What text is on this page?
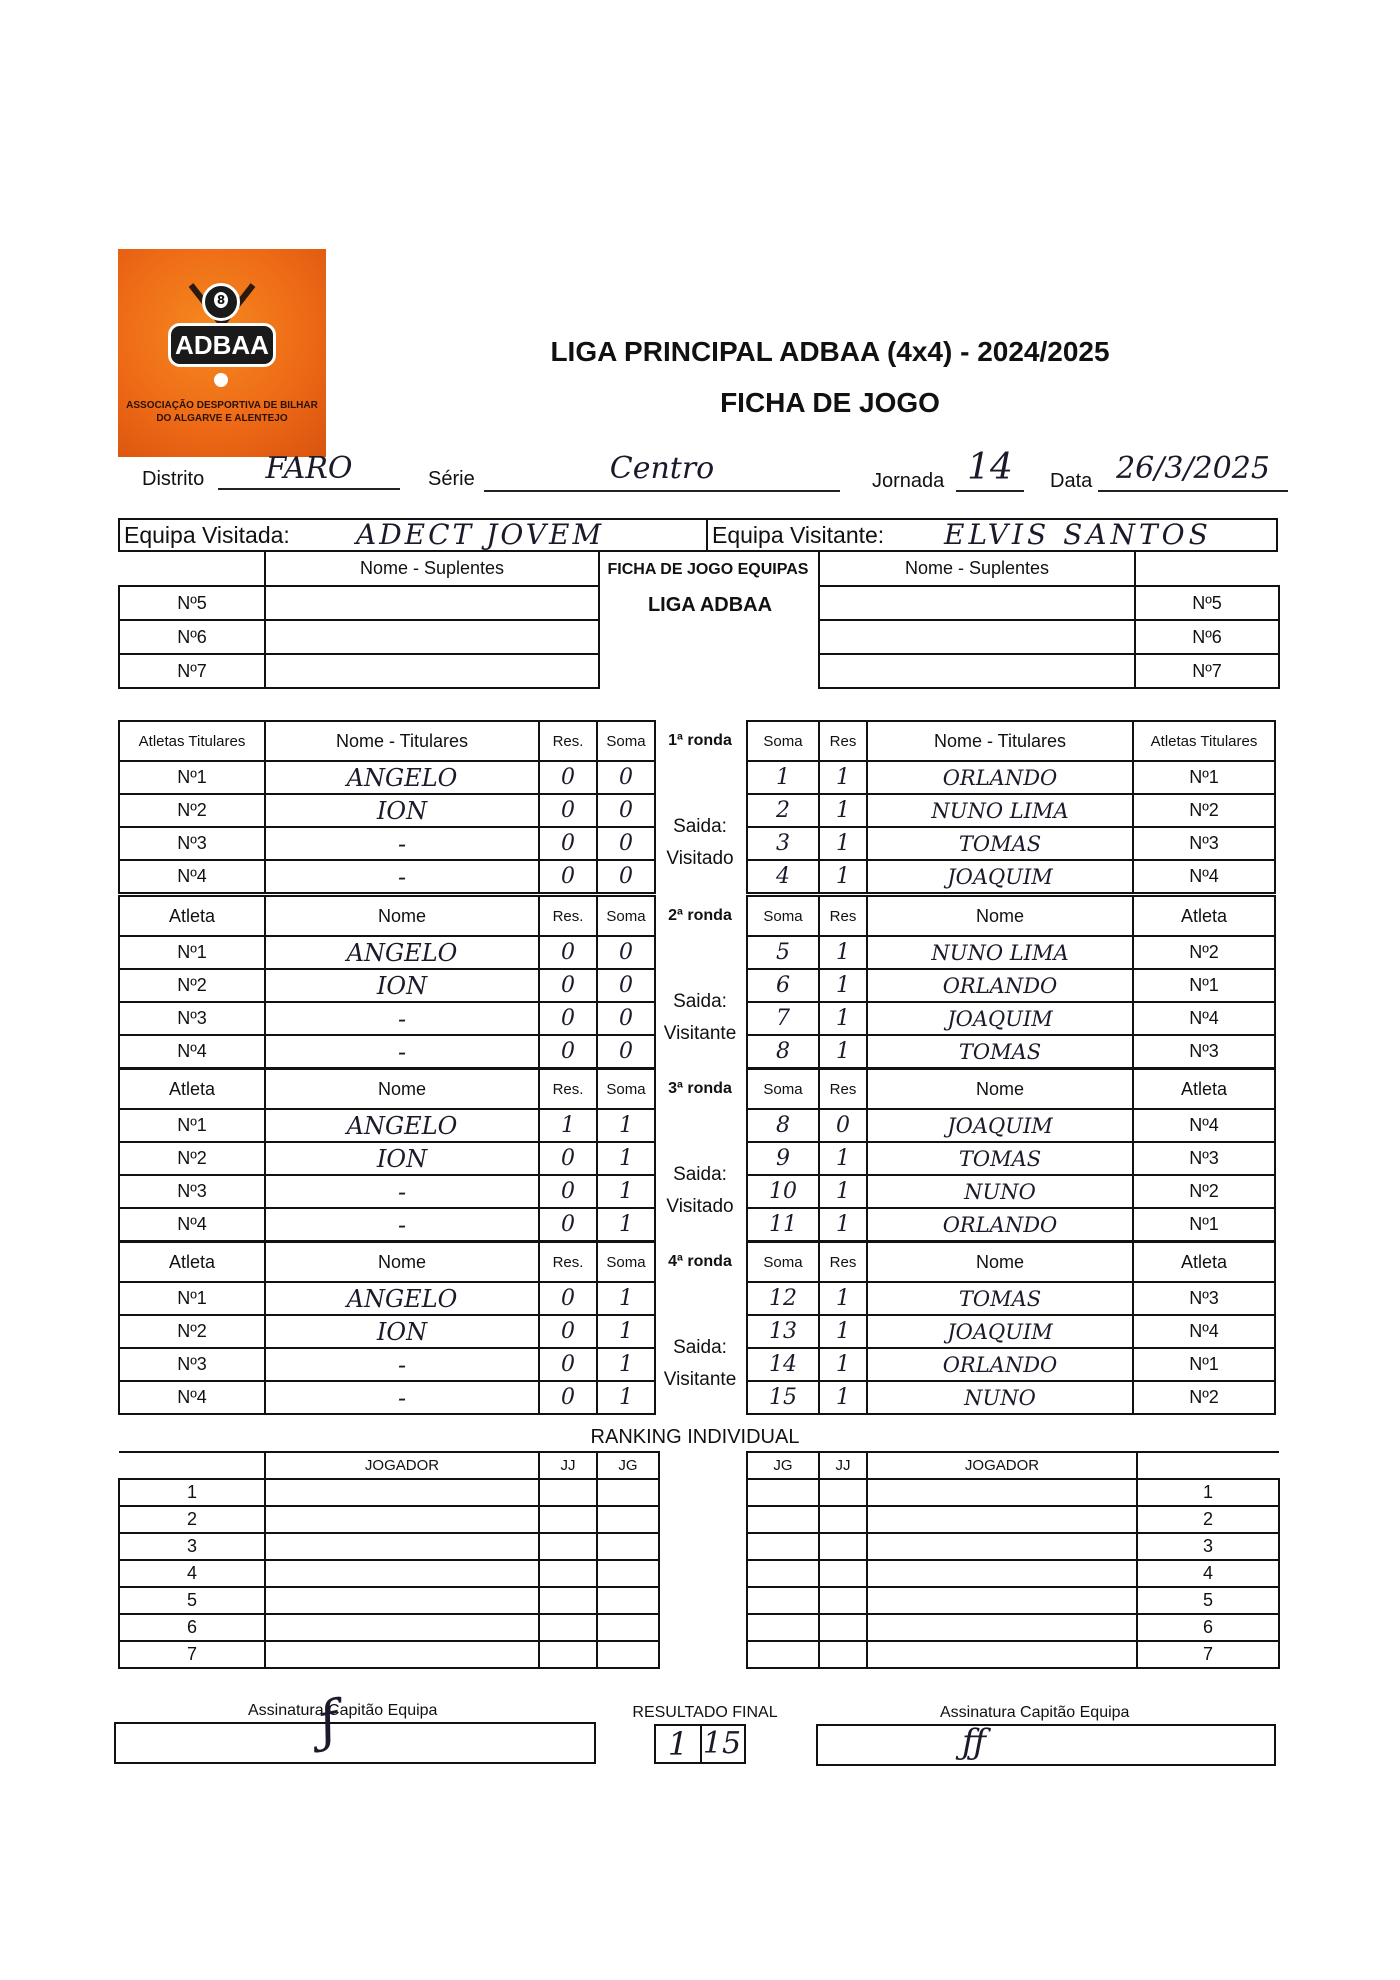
8
ADBAA
ASSOCIAÇÃO DESPORTIVA DE BILHAR DO ALGARVE E ALENTEJO
LIGA PRINCIPAL ADBAA (4x4) - 2024/2025
FICHA DE JOGO
Distrito	FARO	Série	Centro	Jornada 14	Data 26/3/2025
Equipa Visitada: ADECT JOVEM	Equipa Visitante: ELVIS SANTOS
	Nome - Suplentes
Nº5	
Nº6	
Nº7	
FICHA DE JOGO EQUIPAS
LIGA ADBAA
Nome - Suplentes	
	Nº5
	Nº6
	Nº7
Atletas Titulares	Nome - Titulares	Res.	Soma
Nº1	ANGELO	0	0
Nº2	ION	0	0
Nº3	-	0	0
Nº4	-	0	0
1ª ronda
Saida:
Visitado
Soma	Res	Nome - Titulares	Atletas Titulares
1	1	ORLANDO	Nº1
2	1	NUNO LIMA	Nº2
3	1	TOMAS	Nº3
4	1	JOAQUIM	Nº4
Atleta	Nome	Res.	Soma
Nº1	ANGELO	0	0
Nº2	ION	0	0
Nº3	-	0	0
Nº4	-	0	0
2ª ronda
Saida:
Visitante
Soma	Res	Nome	Atleta
5	1	NUNO LIMA	Nº2
6	1	ORLANDO	Nº1
7	1	JOAQUIM	Nº4
8	1	TOMAS	Nº3
Atleta	Nome	Res.	Soma
Nº1	ANGELO	1	1
Nº2	ION	0	1
Nº3	-	0	1
Nº4	-	0	1
3ª ronda
Saida:
Visitado
Soma	Res	Nome	Atleta
8	0	JOAQUIM	Nº4
9	1	TOMAS	Nº3
10	1	NUNO	Nº2
11	1	ORLANDO	Nº1
Atleta	Nome	Res.	Soma
Nº1	ANGELO	0	1
Nº2	ION	0	1
Nº3	-	0	1
Nº4	-	0	1
4ª ronda
Saida:
Visitante
Soma	Res	Nome	Atleta
12	1	TOMAS	Nº3
13	1	JOAQUIM	Nº4
14	1	ORLANDO	Nº1
15	1	NUNO	Nº2
RANKING INDIVIDUAL
	JOGADOR	JJ	JG
1			
2			
3			
4			
5			
6			
7			
JG	JJ	JOGADOR	
			1
			2
			3
			4
			5
			6
			7
Assinatura Capitão Equipa
ƒ	RESULTADO FINAL
1 15
Assinatura Capitão Equipa
ƒƒ
